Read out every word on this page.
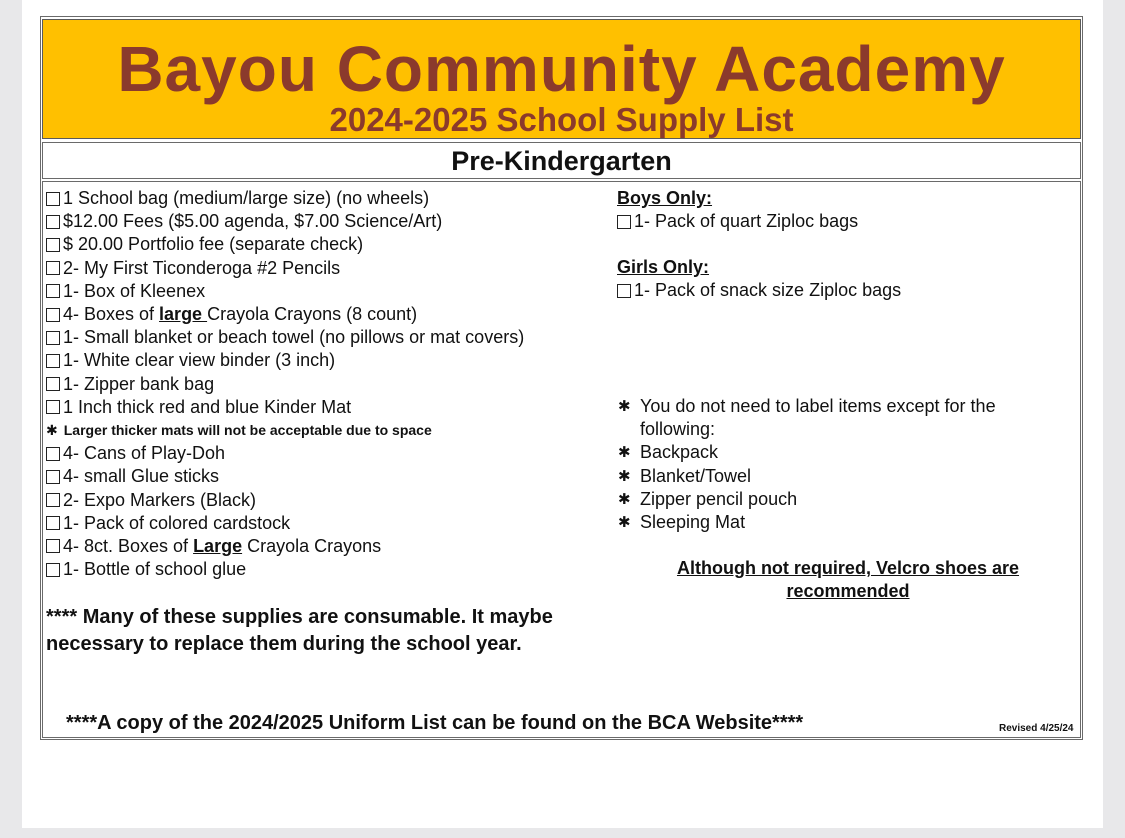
Bayou Community Academy
2024-2025 School Supply List
Pre-Kindergarten
1 School bag (medium/large size) (no wheels)
$12.00 Fees ($5.00 agenda, $7.00 Science/Art)
$ 20.00 Portfolio fee (separate check)
2- My First Ticonderoga #2 Pencils
1- Box of Kleenex
4- Boxes of large Crayola Crayons (8 count)
1- Small blanket or beach towel (no pillows or mat covers)
1- White clear view binder (3 inch)
1- Zipper bank bag
1 Inch thick red and blue Kinder Mat
✱ Larger thicker mats will not be acceptable due to space
4- Cans of Play-Doh
4- small Glue sticks
2- Expo Markers (Black)
1- Pack of colored cardstock
4- 8ct. Boxes of Large Crayola Crayons
1- Bottle of school glue
**** Many of these supplies are consumable. It maybe necessary to replace them during the school year.
Boys Only:
1- Pack of quart Ziploc bags
Girls Only:
1- Pack of snack size Ziploc bags
✱ You do not need to label items except for the following:
✱ Backpack
✱ Blanket/Towel
✱ Zipper pencil pouch
✱ Sleeping Mat
Although not required, Velcro shoes are recommended
****A copy of the 2024/2025 Uniform List can be found on the BCA Website****	Revised 4/25/24
